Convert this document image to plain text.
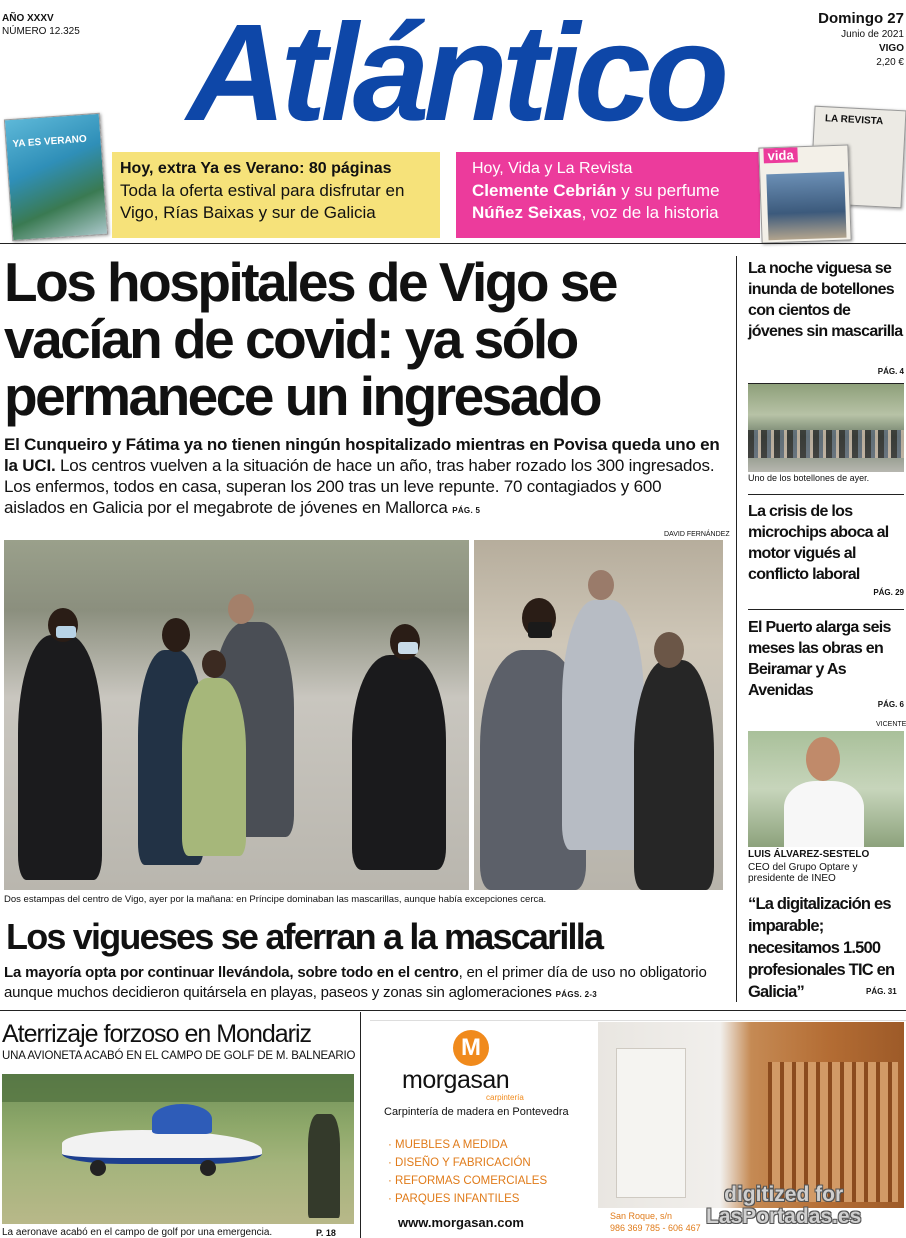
AÑO XXXV
NÚMERO 12.325 Atlántico	Domingo 27
Junio de 2021
VIGO
2,20 €
YA ES VERANO
Hoy, extra Ya es Verano: 80 páginas
Toda la oferta estival para disfrutar en Vigo, Rías Baixas y sur de Galicia
Hoy, Vida y La Revista
Clemente Cebrián y su perfume
Núñez Seixas, voz de la historia
LA REVISTA
vida
Los hospitales de Vigo se vacían de covid: ya sólo permanece un ingresado
El Cunqueiro y Fátima ya no tienen ningún hospitalizado mientras en Povisa queda uno en la UCI. Los centros vuelven a la situación de hace un año, tras haber rozado los 300 ingresados. Los enfermos, todos en casa, superan los 200 tras un leve repunte. 70 contagiados y 600 aislados en Galicia por el megabrote de jóvenes en Mallorca PÁG. 5
DAVID FERNÁNDEZ
Dos estampas del centro de Vigo, ayer por la mañana: en Príncipe dominaban las mascarillas, aunque había excepciones cerca.
Los vigueses se aferran a la mascarilla
La mayoría opta por continuar llevándola, sobre todo en el centro, en el primer día de uso no obligatorio aunque muchos decidieron quitársela en playas, paseos y zonas sin aglomeraciones PÁGS. 2-3
Aterrizaje forzoso en Mondariz
UNA AVIONETA ACABÓ EN EL CAMPO DE GOLF DE M. BALNEARIO
La aeronave acabó en el campo de golf por una emergencia.	P. 18
M
morgasan
carpintería
Carpintería de madera en Pontevedra
· MUEBLES A MEDIDA
· DISEÑO Y FABRICACIÓN
· REFORMAS COMERCIALES
· PARQUES INFANTILES
www.morgasan.com	San Roque, s/n
986 369 785 - 606 467
digitized for
LasPortadas.es
La noche viguesa se inunda de botellones con cientos de jóvenes sin mascarilla
PÁG. 4
Uno de los botellones de ayer.
La crisis de los microchips aboca al motor vigués al conflicto laboral
PÁG. 29
El Puerto alarga seis meses las obras en Beiramar y As Avenidas
PÁG. 6
VICENTE
LUIS ÁLVAREZ-SESTELO
CEO del Grupo Optare y presidente de INEO
“La digitalización es imparable; necesitamos 1.500 profesionales TIC en Galicia”	PÁG. 31
